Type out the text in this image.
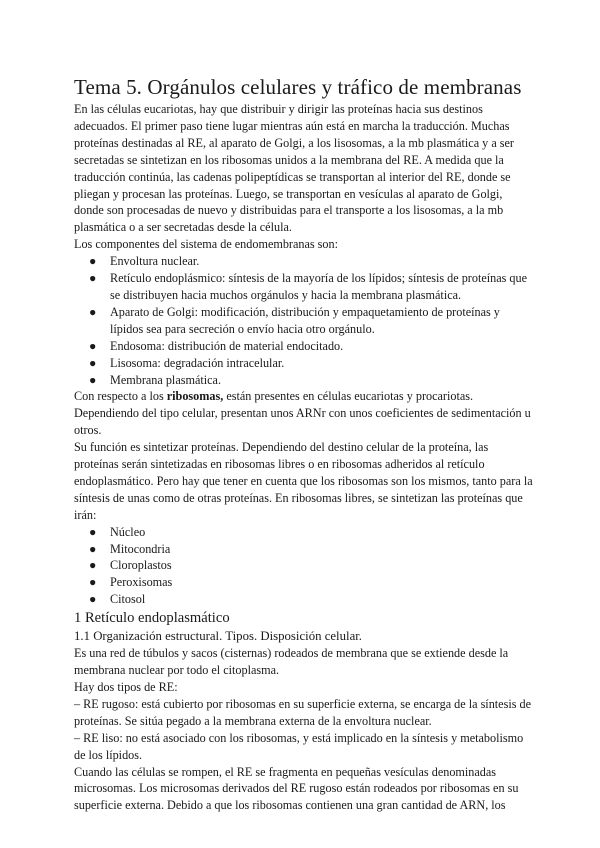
Tema 5. Orgánulos celulares y tráfico de membranas

En las células eucariotas, hay que distribuir y dirigir las proteínas hacia sus destinos adecuados. El primer paso tiene lugar mientras aún está en marcha la traducción. Muchas proteínas destinadas al RE, al aparato de Golgi, a los lisosomas, a la mb plasmática y a ser secretadas se sintetizan en los ribosomas unidos a la membrana del RE. A medida que la traducción continúa, las cadenas polipeptídicas se transportan al interior del RE, donde se pliegan y procesan las proteínas. Luego, se transportan en vesículas al aparato de Golgi, donde son procesadas de nuevo y distribuidas para el transporte a los lisosomas, a la mb plasmática o a ser secretadas desde la célula.

Los componentes del sistema de endomembranas son:

● Envoltura nuclear.
● Retículo endoplásmico: síntesis de la mayoría de los lípidos; síntesis de proteínas que se distribuyen hacia muchos orgánulos y hacia la membrana plasmática.
● Aparato de Golgi: modificación, distribución y empaquetamiento de proteínas y lípidos sea para secreción o envío hacia otro orgánulo.
● Endosoma: distribución de material endocitado.
● Lisosoma: degradación intracelular.
● Membrana plasmática.

Con respecto a los ribosomas, están presentes en células eucariotas y procariotas. Dependiendo del tipo celular, presentan unos ARNr con unos coeficientes de sedimentación u otros.

Su función es sintetizar proteínas. Dependiendo del destino celular de la proteína, las proteínas serán sintetizadas en ribosomas libres o en ribosomas adheridos al retículo endoplasmático. Pero hay que tener en cuenta que los ribosomas son los mismos, tanto para la síntesis de unas como de otras proteínas. En ribosomas libres, se sintetizan las proteínas que irán:

● Núcleo
● Mitocondria
● Cloroplastos
● Peroxisomas
● Citosol

1 Retículo endoplasmático

1.1 Organización estructural. Tipos. Disposición celular.

Es una red de túbulos y sacos (cisternas) rodeados de membrana que se extiende desde la membrana nuclear por todo el citoplasma.

Hay dos tipos de RE:

– RE rugoso: está cubierto por ribosomas en su superficie externa, se encarga de la síntesis de proteínas. Se sitúa pegado a la membrana externa de la envoltura nuclear.

– RE liso: no está asociado con los ribosomas, y está implicado en la síntesis y metabolismo de los lípidos.

Cuando las células se rompen, el RE se fragmenta en pequeñas vesículas denominadas microsomas. Los microsomas derivados del RE rugoso están rodeados por ribosomas en su superficie externa. Debido a que los ribosomas contienen una gran cantidad de ARN, los
